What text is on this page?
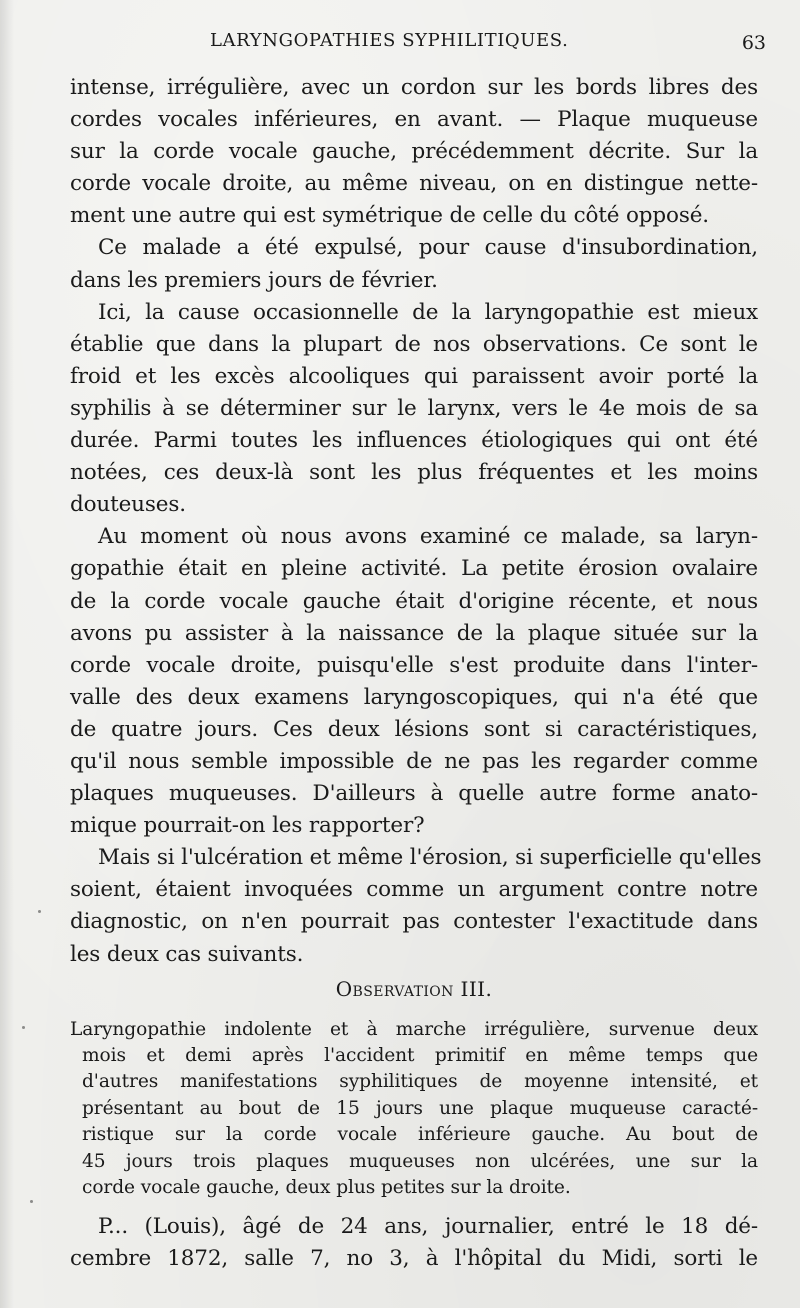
LARYNGOPATHIES SYPHILITIQUES.	63
intense, irrégulière, avec un cordon sur les bords libres des
cordes vocales inférieures, en avant. — Plaque muqueuse
sur la corde vocale gauche, précédemment décrite. Sur la
corde vocale droite, au même niveau, on en distingue nette-
ment une autre qui est symétrique de celle du côté opposé.
Ce malade a été expulsé, pour cause d'insubordination,
dans les premiers jours de février.
Ici, la cause occasionnelle de la laryngopathie est mieux
établie que dans la plupart de nos observations. Ce sont le
froid et les excès alcooliques qui paraissent avoir porté la
syphilis à se déterminer sur le larynx, vers le 4e mois de sa
durée. Parmi toutes les influences étiologiques qui ont été
notées, ces deux-là sont les plus fréquentes et les moins
douteuses.
Au moment où nous avons examiné ce malade, sa laryn-
gopathie était en pleine activité. La petite érosion ovalaire
de la corde vocale gauche était d'origine récente, et nous
avons pu assister à la naissance de la plaque située sur la
corde vocale droite, puisqu'elle s'est produite dans l'inter-
valle des deux examens laryngoscopiques, qui n'a été que
de quatre jours. Ces deux lésions sont si caractéristiques,
qu'il nous semble impossible de ne pas les regarder comme
plaques muqueuses. D'ailleurs à quelle autre forme anato-
mique pourrait-on les rapporter?
Mais si l'ulcération et même l'érosion, si superficielle qu'elles
soient, étaient invoquées comme un argument contre notre
diagnostic, on n'en pourrait pas contester l'exactitude dans
les deux cas suivants.
Observation III.
Laryngopathie indolente et à marche irrégulière, survenue deux
mois et demi après l'accident primitif en même temps que
d'autres manifestations syphilitiques de moyenne intensité, et
présentant au bout de 15 jours une plaque muqueuse caracté-
ristique sur la corde vocale inférieure gauche. Au bout de
45 jours trois plaques muqueuses non ulcérées, une sur la
corde vocale gauche, deux plus petites sur la droite.
P... (Louis), âgé de 24 ans, journalier, entré le 18 dé-
cembre 1872, salle 7, no 3, à l'hôpital du Midi, sorti le
